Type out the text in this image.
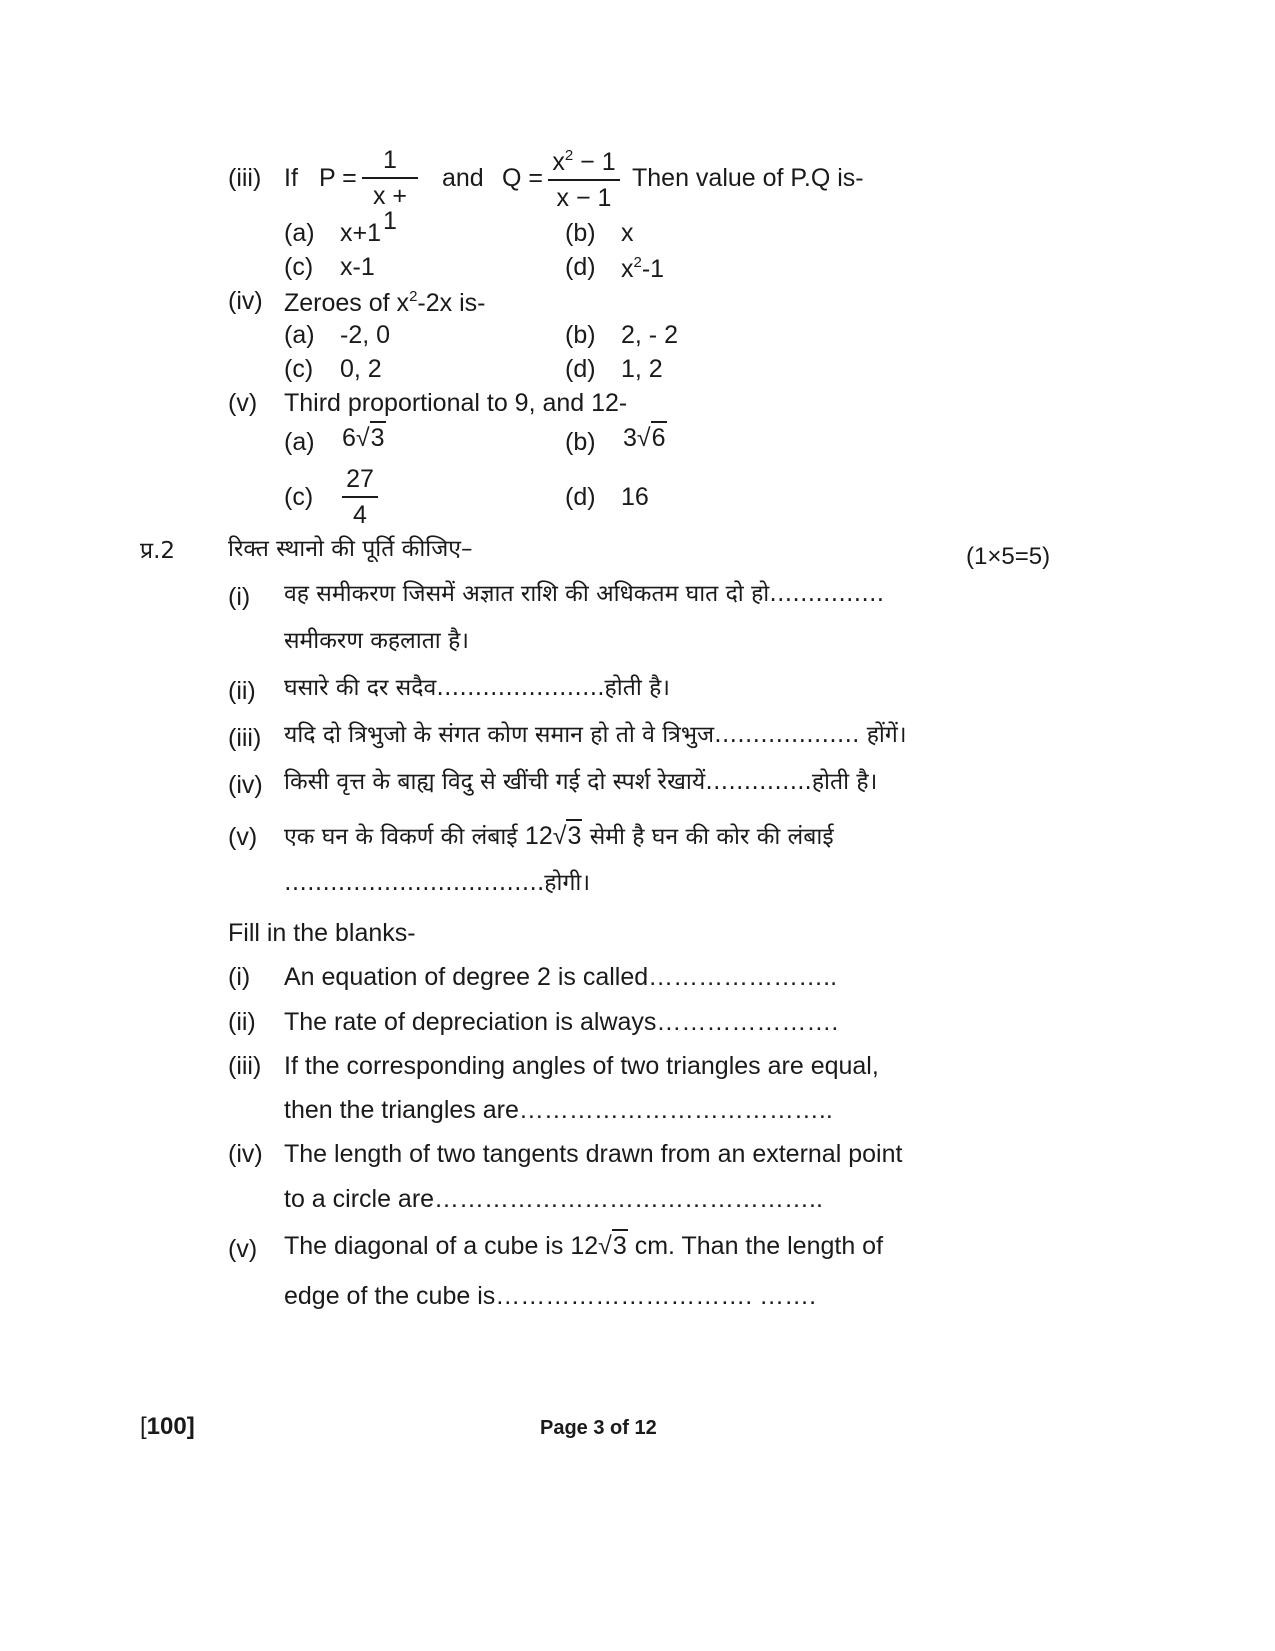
(iii) If $P = \frac{1}{x + 1}$ and $Q = \frac{x^2 - 1}{x - 1}$ Then value of P.Q is-
(a) x+1	(b) x
(c) x-1	(d) $x^2-1$
(iv) Zeroes of $x^2-2x$ is-
(a) -2, 0	(b) 2, - 2
(c) 0, 2	(d) 1, 2
(v) Third proportional to 9, and 12-
(a) 6√3	(b) 3√6
$(c) \frac{27}{4}$	(d) 16
प्र.2 रिक्त स्थानो की पूर्ति कीजिए–	(1×5=5)
(i) वह समीकरण जिसमें अज्ञात राशि की अधिकतम घात दो हो……………
समीकरण कहलाता है।
(ii) घसारे की दर सदैव………………….होती है।
(iii) यदि दो त्रिभुजो के संगत कोण समान हो तो वे त्रिभुज………………. होंगें।
(iv) किसी वृत्त के बाह्य विदु से खींची गई दो स्पर्श रेखायें…………..होती है।
(v) एक घन के विकर्ण की लंबाई 12√3 सेमी है घन की कोर की लंबाई
…………………………….होगी।
Fill in the blanks-
(i) An equation of degree 2 is called…………………..
(ii) The rate of depreciation is always………………….
(iii) If the corresponding angles of two triangles are equal,
then the triangles are………………………………..
(iv) The length of two tangents drawn from an external point
to a circle are………………………………………..
(v) The diagonal of a cube is 12√3 cm. Than the length of
edge of the cube is…………………………. …….
[100]	Page 3 of 12
